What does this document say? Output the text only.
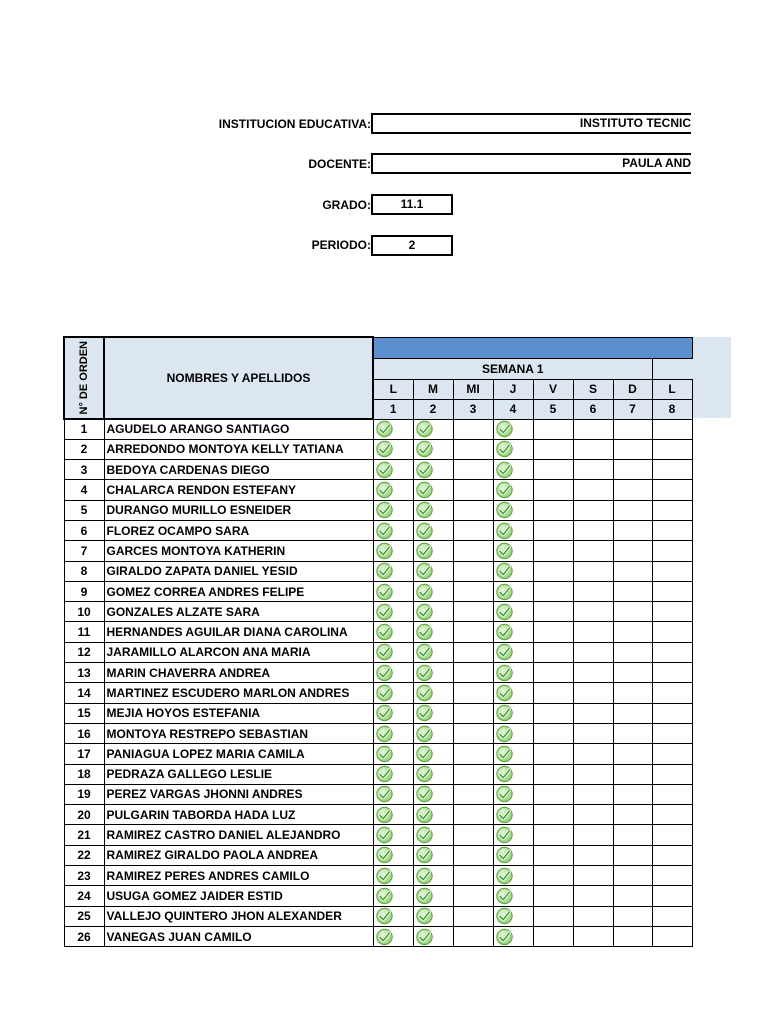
INSTITUCION EDUCATIVA:	INSTITUTO TECNIC
DOCENTE:	PAULA AND
GRADO:	11.1
PERIODO:	2
N° DE ORDEN	NOMBRES Y APELLIDOS								
		SEMANA 1							
		L	M	MI	J	V	S	D	L
		1	2	3	4	5	6	7	8
1	AGUDELO ARANGO SANTIAGO	

2	ARREDONDO MONTOYA KELLY TATIANA	

3	BEDOYA CARDENAS DIEGO	

4	CHALARCA RENDON ESTEFANY	

5	DURANGO MURILLO ESNEIDER	

6	FLOREZ OCAMPO SARA	

7	GARCES MONTOYA KATHERIN	

8	GIRALDO ZAPATA DANIEL YESID	

9	GOMEZ CORREA ANDRES FELIPE	

10	GONZALES ALZATE SARA	

11	HERNANDES AGUILAR DIANA CAROLINA	

12	JARAMILLO ALARCON ANA MARIA	

13	MARIN CHAVERRA ANDREA	

14	MARTINEZ ESCUDERO MARLON ANDRES	

15	MEJIA HOYOS ESTEFANIA	

16	MONTOYA RESTREPO SEBASTIAN	

17	PANIAGUA LOPEZ MARIA CAMILA	

18	PEDRAZA GALLEGO LESLIE	

19	PEREZ VARGAS JHONNI ANDRES	

20	PULGARIN TABORDA HADA LUZ	

21	RAMIREZ CASTRO DANIEL ALEJANDRO	

22	RAMIREZ GIRALDO PAOLA ANDREA	

23	RAMIREZ PERES ANDRES CAMILO	

24	USUGA GOMEZ JAIDER ESTID	

25	VALLEJO QUINTERO JHON ALEXANDER	

26	VANEGAS JUAN CAMILO	
